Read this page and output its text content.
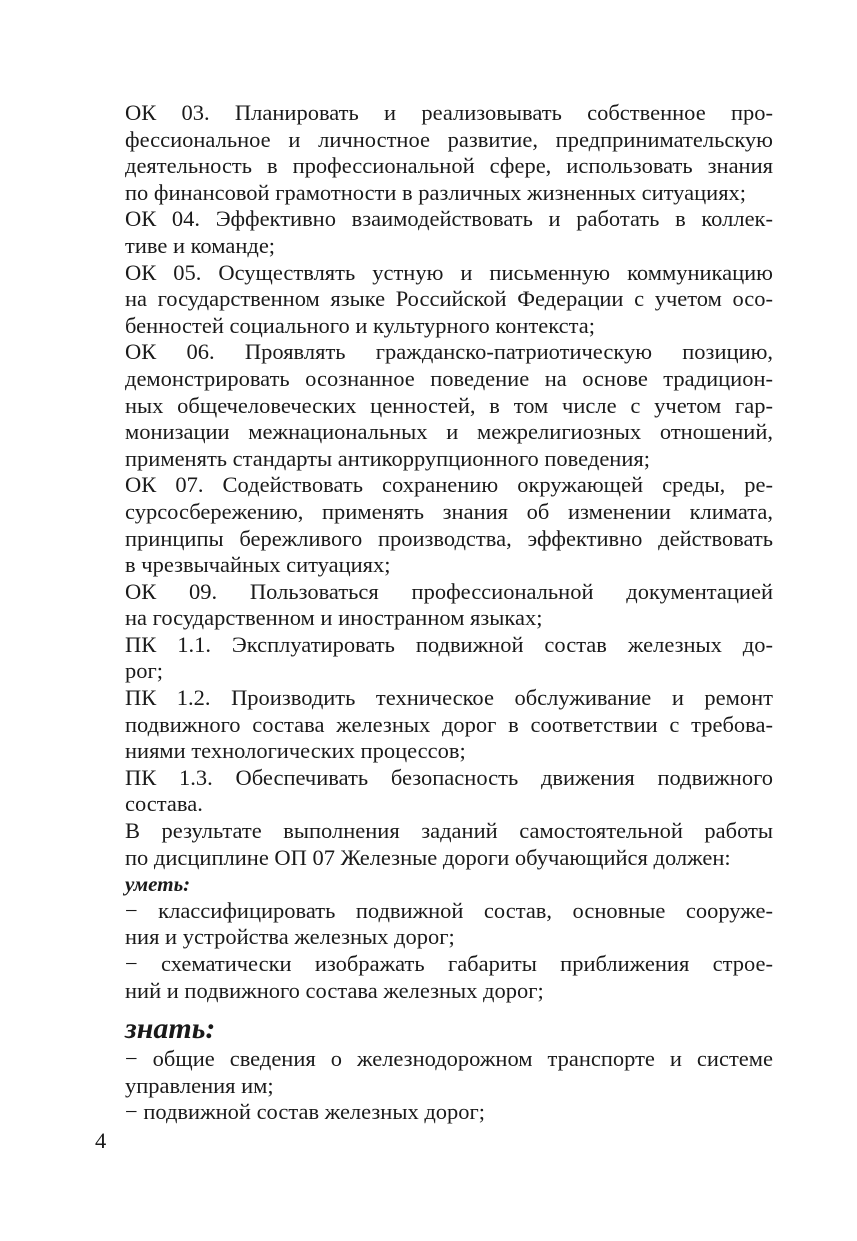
ОК 03. Планировать и реализовывать собственное про-
фессиональное и личностное развитие, предпринимательскую
деятельность в профессиональной сфере, использовать знания
по финансовой грамотности в различных жизненных ситуациях;

ОК 04. Эффективно взаимодействовать и работать в коллек-
тиве и команде;

ОК 05. Осуществлять устную и письменную коммуникацию
на государственном языке Российской Федерации с учетом осо-
бенностей социального и культурного контекста;

ОК 06. Проявлять гражданско-патриотическую позицию,
демонстрировать осознанное поведение на основе традицион-
ных общечеловеческих ценностей, в том числе с учетом гар-
монизации межнациональных и межрелигиозных отношений,
применять стандарты антикоррупционного поведения;

ОК 07. Содействовать сохранению окружающей среды, ре-
сурсосбережению, применять знания об изменении климата,
принципы бережливого производства, эффективно действовать
в чрезвычайных ситуациях;

ОК 09. Пользоваться профессиональной документацией
на государственном и иностранном языках;

ПК 1.1. Эксплуатировать подвижной состав железных до-
рог;

ПК 1.2. Производить техническое обслуживание и ремонт
подвижного состава железных дорог в соответствии с требова-
ниями технологических процессов;

ПК 1.3. Обеспечивать безопасность движения подвижного
состава.

В результате выполнения заданий самостоятельной работы
по дисциплине ОП 07 Железные дороги обучающийся должен:

уметь:

− классифицировать подвижной состав, основные сооруже-
ния и устройства железных дорог;

− схематически изображать габариты приближения строе-
ний и подвижного состава железных дорог;

знать:

− общие сведения о железнодорожном транспорте и системе
управления им;

− подвижной состав железных дорог;

4
